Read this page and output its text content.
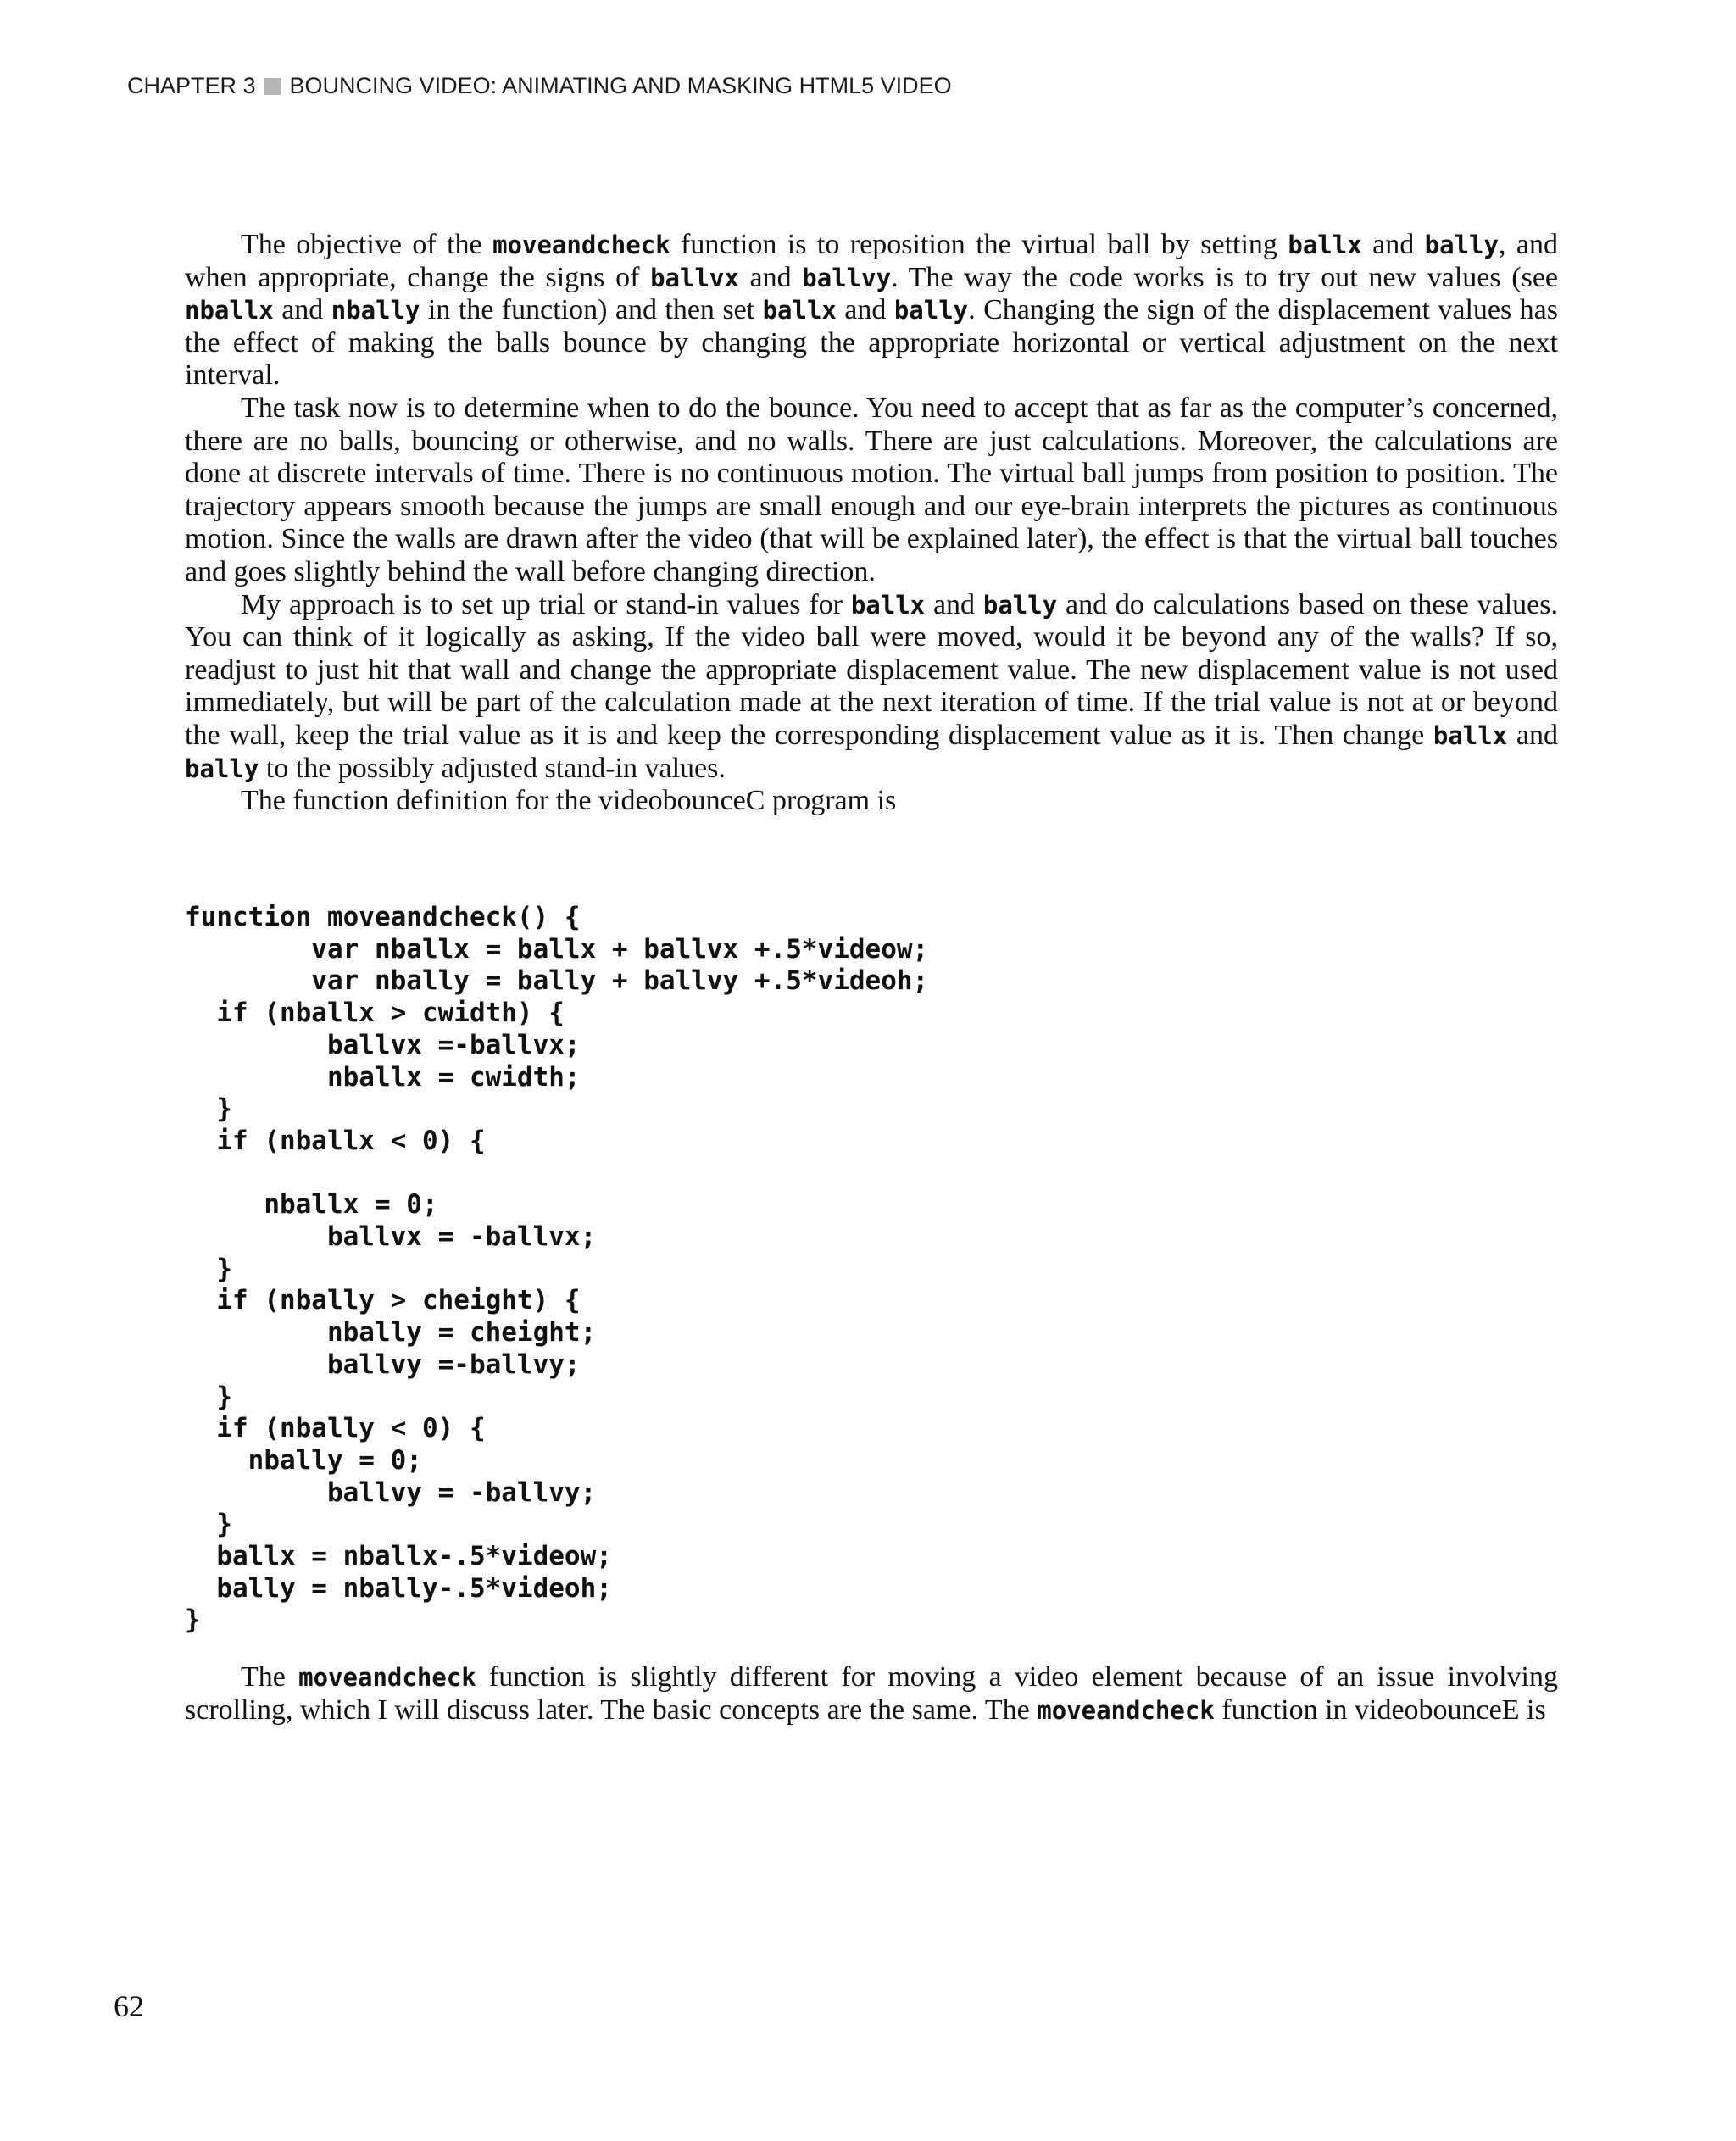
CHAPTER 3 BOUNCING VIDEO: ANIMATING AND MASKING HTML5 VIDEO

The objective of the moveandcheck function is to reposition the virtual ball by setting ballx and bally, and when appropriate, change the signs of ballvx and ballvy. The way the code works is to try out new values (see nballx and nbally in the function) and then set ballx and bally. Changing the sign of the displacement values has the effect of making the balls bounce by changing the appropriate horizontal or vertical adjustment on the next interval.

The task now is to determine when to do the bounce. You need to accept that as far as the computer’s concerned, there are no balls, bouncing or otherwise, and no walls. There are just calculations. Moreover, the calculations are done at discrete intervals of time. There is no continuous motion. The virtual ball jumps from position to position. The trajectory appears smooth because the jumps are small enough and our eye-brain interprets the pictures as continuous motion. Since the walls are drawn after the video (that will be explained later), the effect is that the virtual ball touches and goes slightly behind the wall before changing direction.

My approach is to set up trial or stand-in values for ballx and bally and do calculations based on these values. You can think of it logically as asking, If the video ball were moved, would it be beyond any of the walls? If so, readjust to just hit that wall and change the appropriate displacement value. The new displacement value is not used immediately, but will be part of the calculation made at the next iteration of time. If the trial value is not at or beyond the wall, keep the trial value as it is and keep the corresponding displacement value as it is. Then change ballx and bally to the possibly adjusted stand-in values.

The function definition for the videobounceC program is

function moveandcheck() {
var nballx = ballx + ballvx +.5*videow;
var nbally = bally + ballvy +.5*videoh;
if (nballx > cwidth) {
ballvx =-ballvx;
nballx = cwidth;
}
if (nballx < 0) {

nballx = 0;
ballvx = -ballvx;
}
if (nbally > cheight) {
nbally = cheight;
ballvy =-ballvy;
}
if (nbally < 0) {
nbally = 0;
ballvy = -ballvy;
}
ballx = nballx-.5*videow;
bally = nbally-.5*videoh;
}

The moveandcheck function is slightly different for moving a video element because of an issue involving scrolling, which I will discuss later. The basic concepts are the same. The moveandcheck function in videobounceE is

62
